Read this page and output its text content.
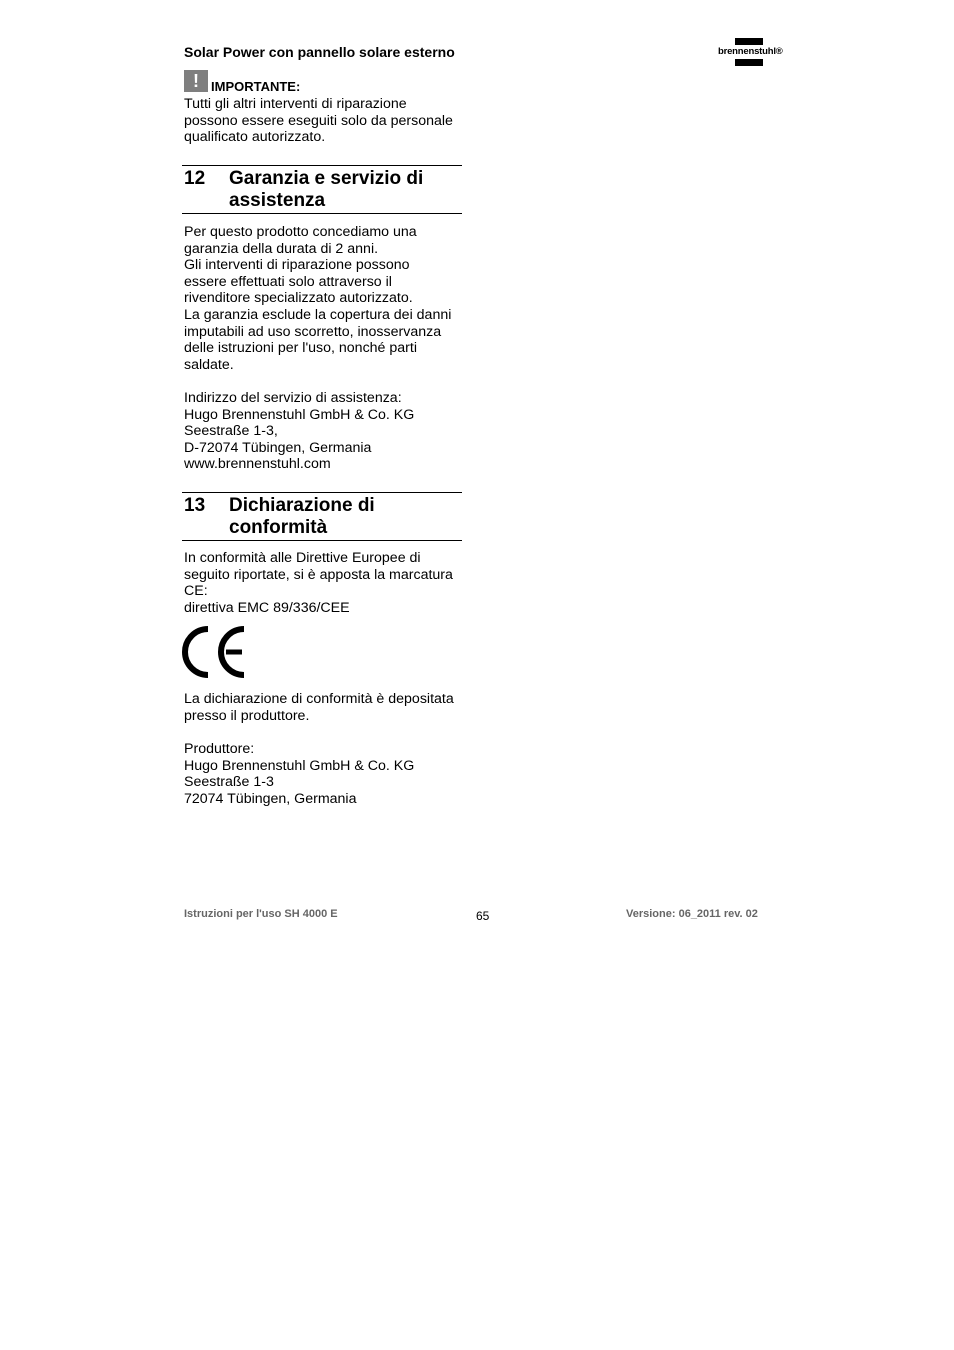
Solar Power con pannello solare esterno	brennenstuhl®
! IMPORTANTE:
Tutti gli altri interventi di riparazione
possono essere eseguiti solo da personale
qualificato autorizzato.
12 Garanzia e servizio di assistenza
Per questo prodotto concediamo una
garanzia della durata di 2 anni.
Gli interventi di riparazione possono
essere effettuati solo attraverso il
rivenditore specializzato autorizzato.
La garanzia esclude la copertura dei danni
imputabili ad uso scorretto, inosservanza
delle istruzioni per l'uso, nonché parti
saldate.
Indirizzo del servizio di assistenza:
Hugo Brennenstuhl GmbH & Co. KG
Seestraße 1-3,
D-72074 Tübingen, Germania
www.brennenstuhl.com
13 Dichiarazione di conformità
In conformità alle Direttive Europee di
seguito riportate, si è apposta la marcatura
CE:
direttiva EMC 89/336/CEE
La dichiarazione di conformità è depositata
presso il produttore.
Produttore:
Hugo Brennenstuhl GmbH & Co. KG
Seestraße 1-3
72074 Tübingen, Germania
Istruzioni per l'uso SH 4000 E	65	Versione: 06_2011 rev. 02
